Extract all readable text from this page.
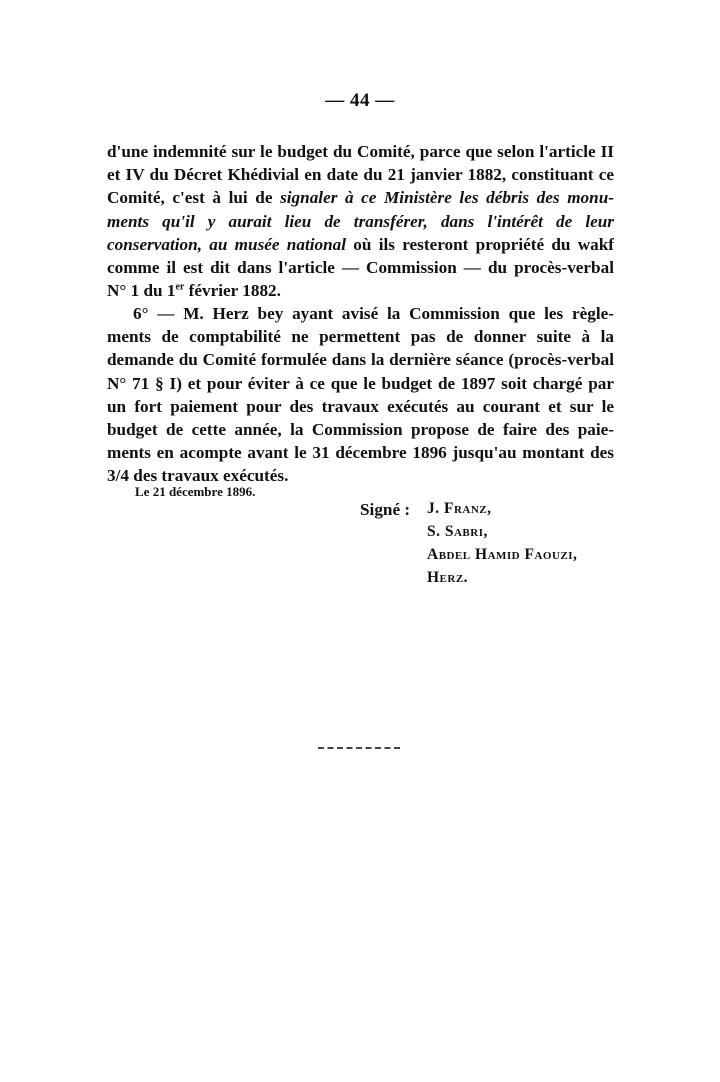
— 44 —
d'une indemnité sur le budget du Comité, parce que selon l'article II
et IV du Décret Khédivial en date du 21 janvier 1882, constituant ce
Comité, c'est à lui de signaler à ce Ministère les débris des monu-
ments qu'il y aurait lieu de transférer, dans l'intérêt de leur
conservation, au musée national où ils resteront propriété du wakf
comme il est dit dans l'article — Commission — du procès-verbal
N° 1 du 1er février 1882.
6° — M. Herz bey ayant avisé la Commission que les règle-
ments de comptabilité ne permettent pas de donner suite à la
demande du Comité formulée dans la dernière séance (procès-verbal
N° 71 § I) et pour éviter à ce que le budget de 1897 soit chargé par
un fort paiement pour des travaux exécutés au courant et sur le
budget de cette année, la Commission propose de faire des paie-
ments en acompte avant le 31 décembre 1896 jusqu'au montant des
3/4 des travaux exécutés.
Le 21 décembre 1896.
Signé : J. Franz,
S. Sabri,
Abdel Hamid Faouzi,
Herz.
